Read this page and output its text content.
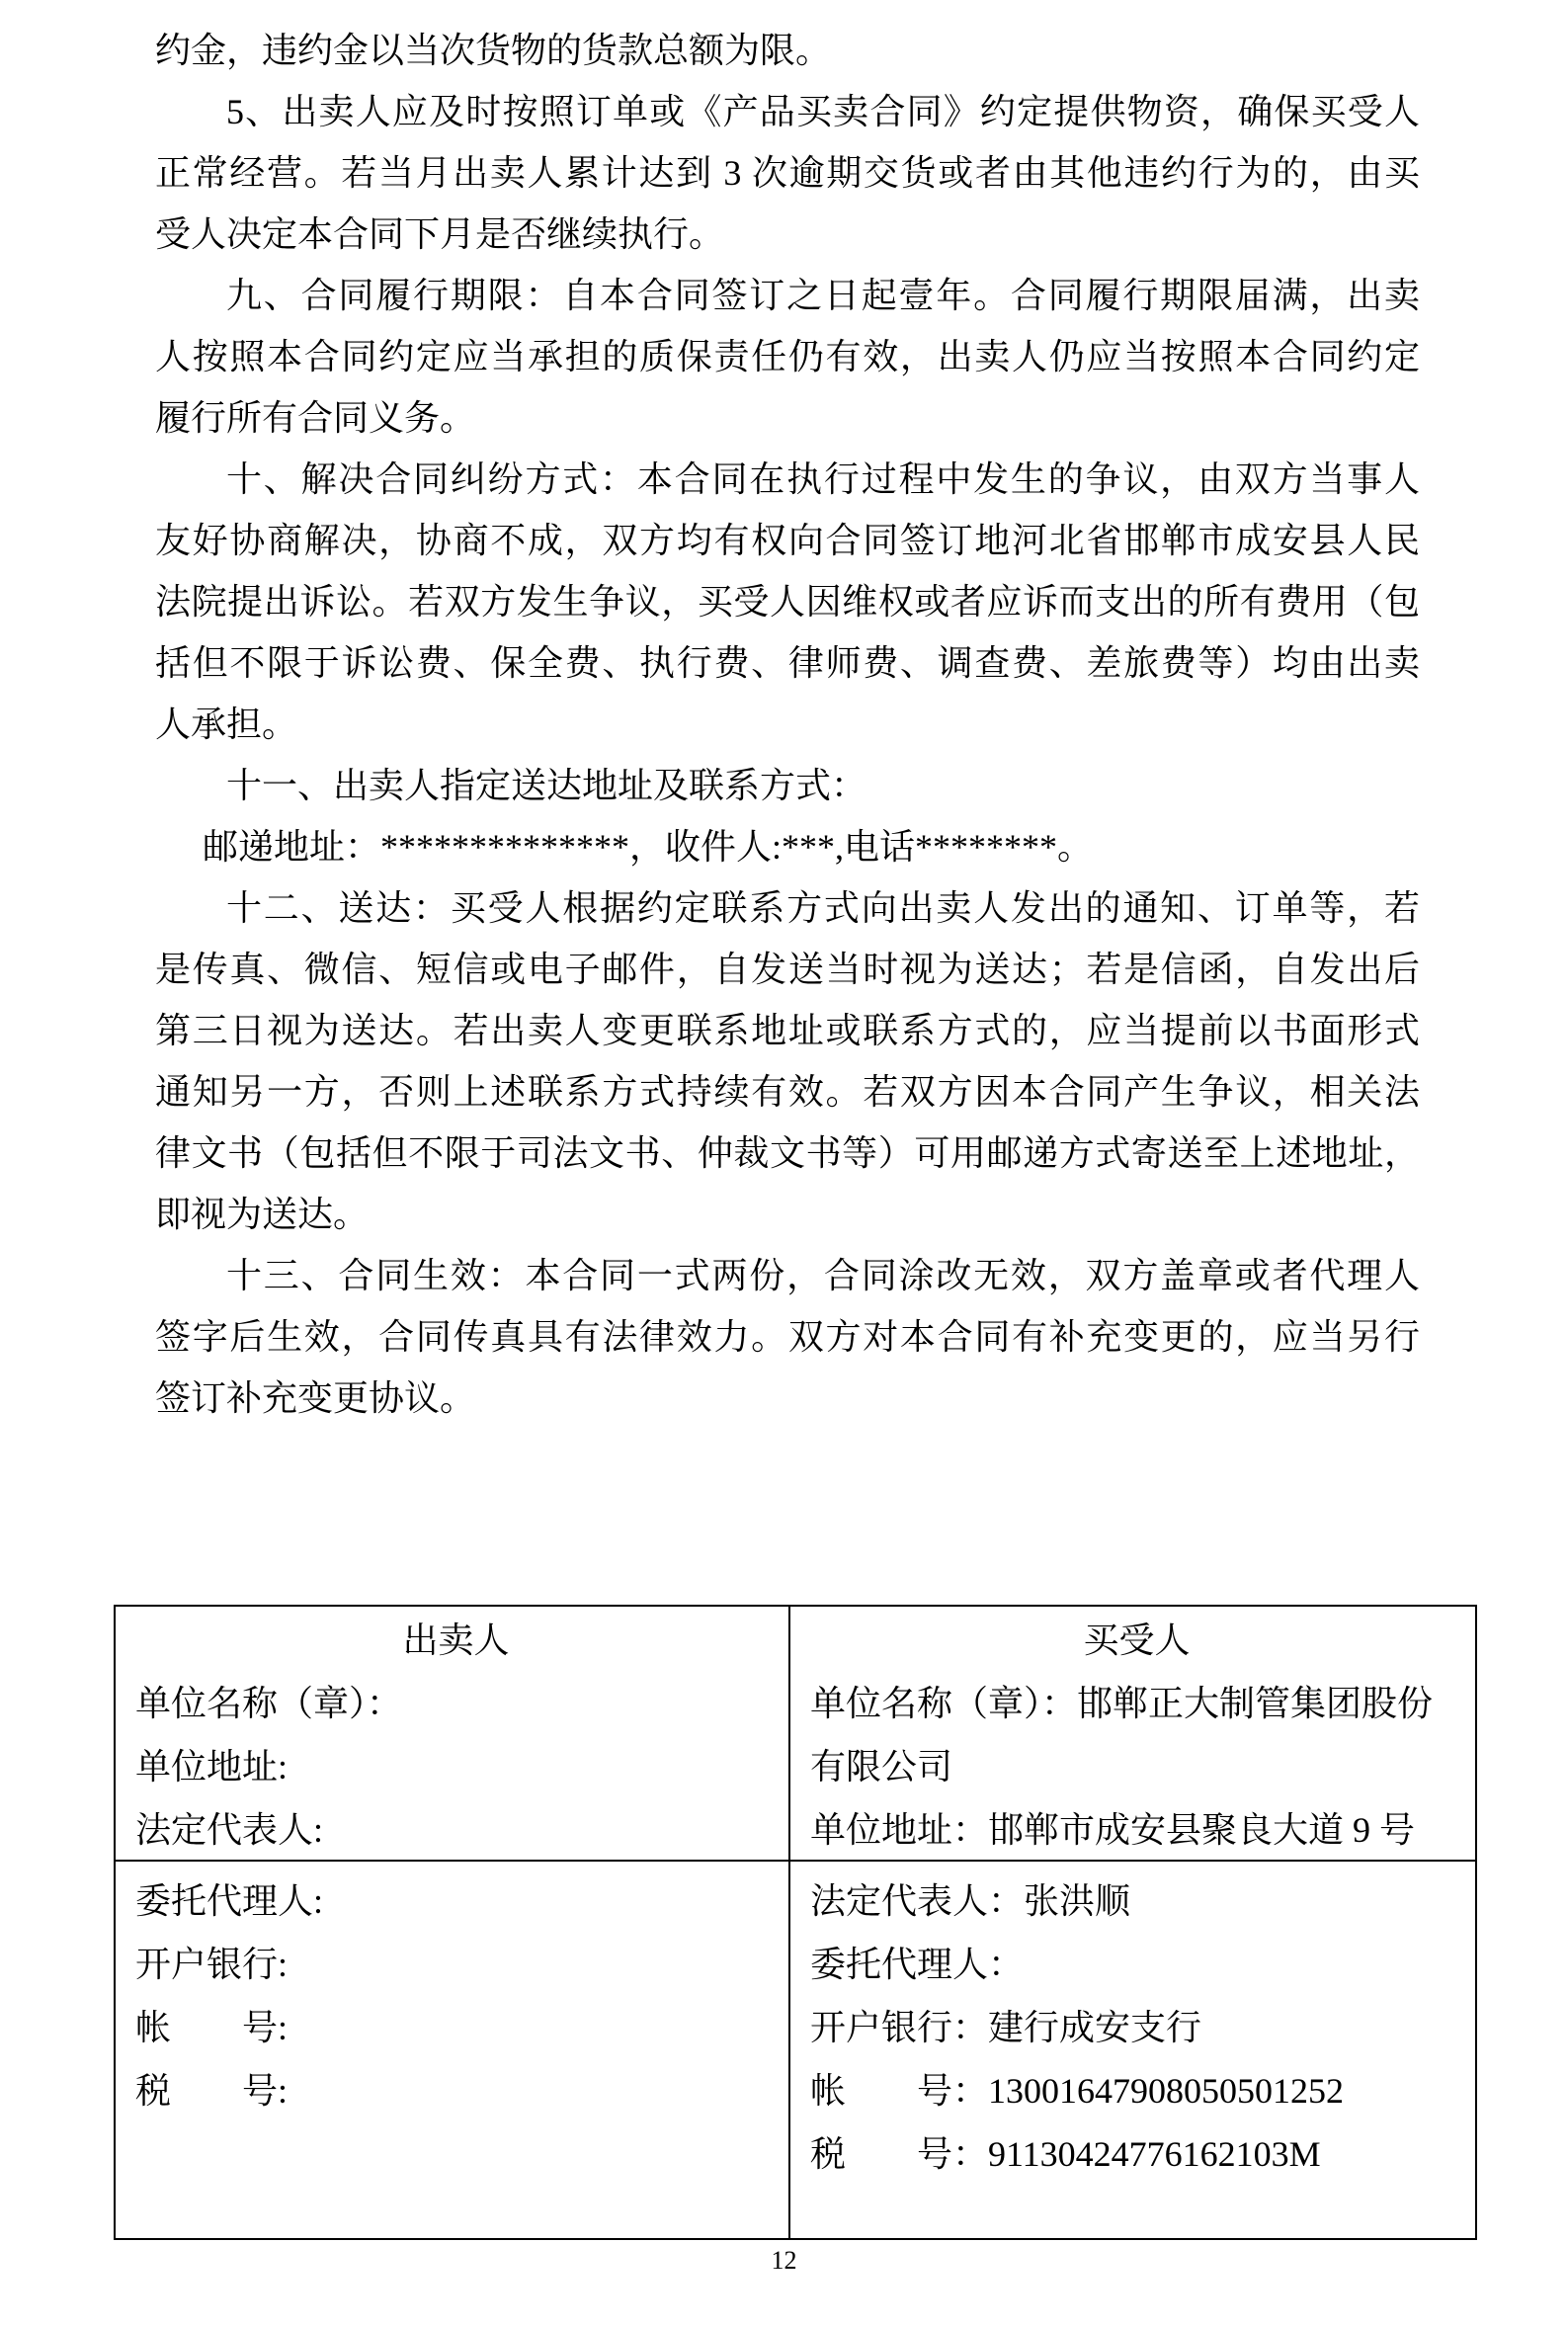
约金，违约金以当次货物的货款总额为限。
5、出卖人应及时按照订单或《产品买卖合同》约定提供物资，确保买受人
正常经营。若当月出卖人累计达到 3 次逾期交货或者由其他违约行为的，由买
受人决定本合同下月是否继续执行。
九、合同履行期限：自本合同签订之日起壹年。合同履行期限届满，出卖
人按照本合同约定应当承担的质保责任仍有效，出卖人仍应当按照本合同约定
履行所有合同义务。
十、解决合同纠纷方式：本合同在执行过程中发生的争议，由双方当事人
友好协商解决，协商不成，双方均有权向合同签订地河北省邯郸市成安县人民
法院提出诉讼。若双方发生争议，买受人因维权或者应诉而支出的所有费用（包
括但不限于诉讼费、保全费、执行费、律师费、调查费、差旅费等）均由出卖
人承担。
十一、出卖人指定送达地址及联系方式：
邮递地址：**************，收件人:***,电话********。
十二、送达：买受人根据约定联系方式向出卖人发出的通知、订单等，若
是传真、微信、短信或电子邮件，自发送当时视为送达；若是信函，自发出后
第三日视为送达。若出卖人变更联系地址或联系方式的，应当提前以书面形式
通知另一方，否则上述联系方式持续有效。若双方因本合同产生争议，相关法
律文书（包括但不限于司法文书、仲裁文书等）可用邮递方式寄送至上述地址，
即视为送达。
十三、合同生效：本合同一式两份，合同涂改无效，双方盖章或者代理人
签字后生效，合同传真具有法律效力。双方对本合同有补充变更的，应当另行
签订补充变更协议。
出卖人
单位名称（章）：
单位地址:
法定代表人:
买受人
单位名称（章）：邯郸正大制管集团股份
有限公司
单位地址：邯郸市成安县聚良大道 9 号
委托代理人:
开户银行:
帐　　号:
税　　号:
法定代表人：张洪顺
委托代理人：
开户银行：建行成安支行
帐　　号：13001647908050501252
税　　号：91130424776162103M
12
